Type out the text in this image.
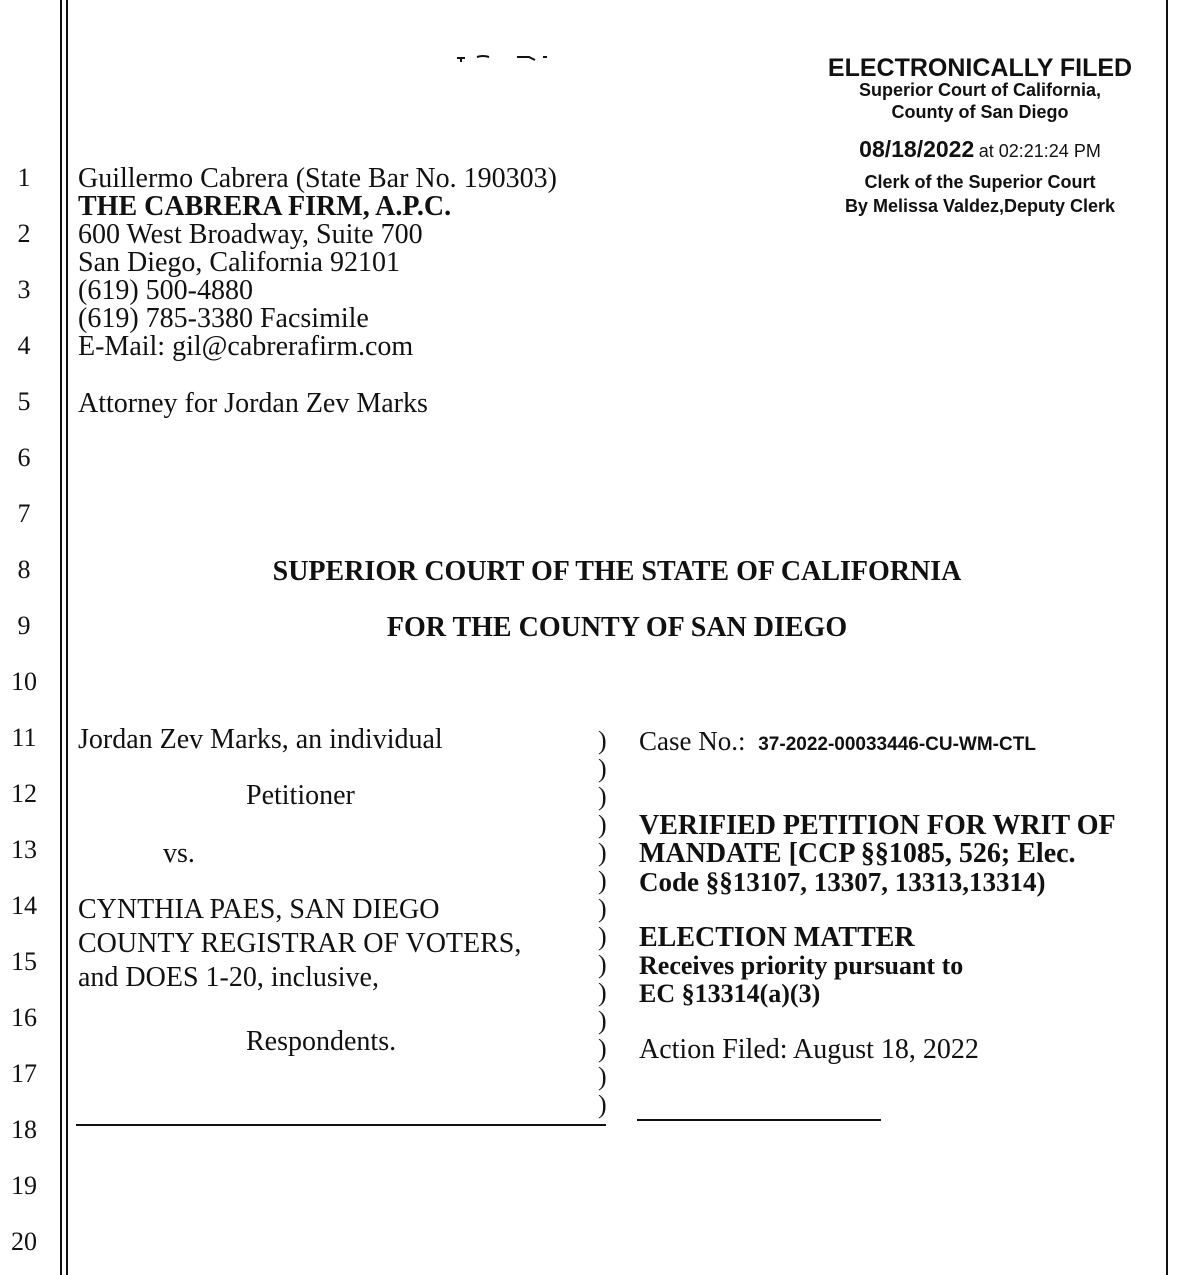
1
2
3
4
5
6
7
8
9
10
11
12
13
14
15
16
17
18
19
20
ELECTRONICALLY FILED
Superior Court of California,
County of San Diego
08/18/2022 at 02:21:24 PM
Clerk of the Superior Court
By Melissa Valdez,Deputy Clerk
Guillermo Cabrera (State Bar No. 190303)
THE CABRERA FIRM, A.P.C.
600 West Broadway, Suite 700
San Diego, California 92101
(619) 500-4880
(619) 785-3380 Facsimile
E-Mail: gil@cabrerafirm.com
Attorney for Jordan Zev Marks
SUPERIOR COURT OF THE STATE OF CALIFORNIA
FOR THE COUNTY OF SAN DIEGO
Jordan Zev Marks, an individual
Petitioner
vs.
CYNTHIA PAES, SAN DIEGO
COUNTY REGISTRAR OF VOTERS,
and DOES 1-20, inclusive,
Respondents.
)
)
)
)
)
)
)
)
)
)
)
)
)
)
Case No.: 37-2022-00033446-CU-WM-CTL
VERIFIED PETITION FOR WRIT OF
MANDATE [CCP §§1085, 526; Elec.
Code §§13107, 13307, 13313,13314)
ELECTION MATTER
Receives priority pursuant to
EC §13314(a)(3)
Action Filed: August 18, 2022
